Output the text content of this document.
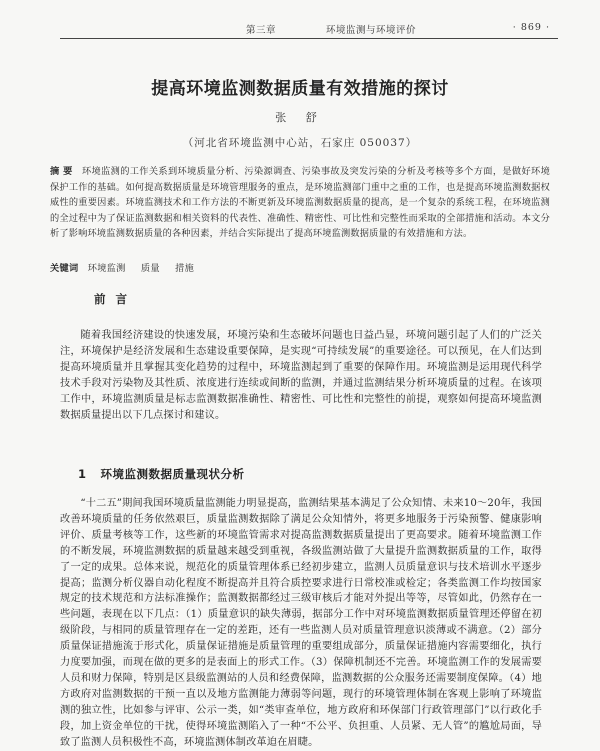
第三章	环境监测与环境评价	· 869 ·
提高环境监测数据质量有效措施的探讨
张 舒
（河北省环境监测中心站，石家庄 050037）
摘 要 环境监测的工作关系到环境质量分析、污染源调查、污染事故及突发污染的分析及考核等多个方面，是做好环境保护工作的基础。如何提高数据质量是环境管理服务的重点，是环境监测部门重中之重的工作，也是提高环境监测数据权威性的重要因素。环境监测技术和工作方法的不断更新及环境监测数据质量的提高，是一个复杂的系统工程，在环境监测的全过程中为了保证监测数据和相关资料的代表性、准确性、精密性、可比性和完整性而采取的全部措施和活动。本文分析了影响环境监测数据质量的各种因素，并结合实际提出了提高环境监测数据质量的有效措施和方法。
关键词 环境监测 质量 措施
前言
随着我国经济建设的快速发展，环境污染和生态破坏问题也日益凸显，环境问题引起了人们的广泛关注，环境保护是经济发展和生态建设重要保障，是实现“可持续发展”的重要途径。可以预见，在人们达到提高环境质量并且掌握其变化趋势的过程中，环境监测起到了重要的保障作用。环境监测是运用现代科学技术手段对污染物及其性质、浓度进行连续或间断的监测，并通过监测结果分析环境质量的过程。在该项工作中，环境监测质量是标志监测数据准确性、精密性、可比性和完整性的前提，观察如何提高环境监测数据质量提出以下几点探讨和建议。
1 环境监测数据质量现状分析
“十二五”期间我国环境质量监测能力明显提高，监测结果基本满足了公众知情、未来10～20年，我国改善环境质量的任务依然艰巨，质量监测数据除了满足公众知情外，将更多地服务于污染预警、健康影响评价、质量考核等工作，这些新的环境监管需求对提高监测数据质量提出了更高要求。随着环境监测工作的不断发展，环境监测数据的质量越来越受到重视，各级监测站做了大量提升监测数据质量的工作，取得了一定的成果。总体来说，规范化的质量管理体系已经初步建立，监测人员质量意识与技术培训水平逐步提高；监测分析仪器自动化程度不断提高并且符合质控要求进行日常校准或检定；各类监测工作均按国家规定的技术规范和方法标准操作；监测数据都经过三级审核后才能对外提出等等，尽管如此，仍然存在一些问题，表现在以下几点：（1）质量意识的缺失薄弱，据部分工作中对环境监测数据质量管理还停留在初级阶段，与相同的质量管理存在一定的差距，还有一些监测人员对质量管理意识淡薄或不满意。（2）部分质量保证措施流于形式化，质量保证措施是质量管理的重要组成部分，质量保证措施内容需要细化，执行力度要加强，而现在做的更多的是表面上的形式工作。（3）保障机制还不完善。环境监测工作的发展需要人员和财力保障，特别是区县级监测站的人员和经费保障，监测数据的公众服务还需要制度保障。（4）地方政府对监测数据的干预一直以及地方监测能力薄弱等问题，现行的环境管理体制在客观上影响了环境监测的独立性，比如参与评审、公示一类，如“类审查单位，地方政府和环保部门行政管理部门”以行政化手段，加上资金单位的干扰，使得环境监测陷入了一种“不公平、负担重、人员紧、无人管”的尴尬局面，导致了监测人员积极性不高，环境监测体制改革迫在眉睫。
